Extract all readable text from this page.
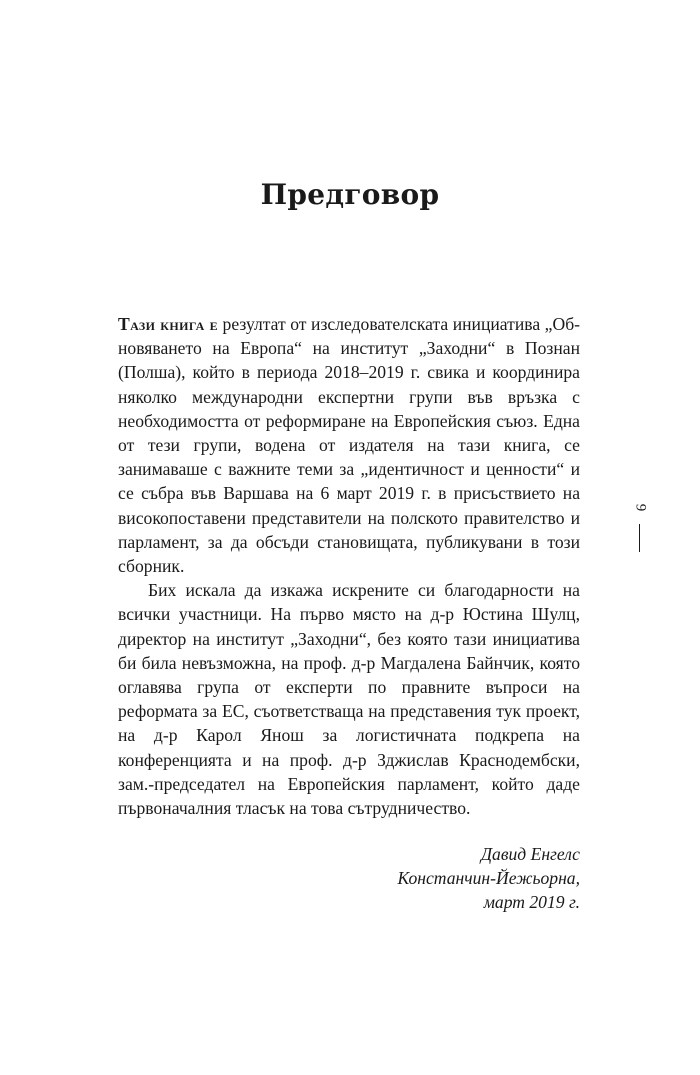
Предговор

Тази книга е резултат от изследователската инициатива „Обновяването на Европа“ на институт „Заходни“ в Познан (Полша), който в периода 2018–2019 г. свика и координира няколко международни експертни групи във връзка с необходимостта от реформиране на Европейския съюз. Една от тези групи, водена от издателя на тази книга, се занимаваше с важните теми за „идентичност и ценности“ и се събра във Варшава на 6 март 2019 г. в присъствието на високопоставени представители на полското правителство и парламент, за да обсъди становищата, публикувани в този сборник.

Бих искала да изкажа искрените си благодарности на всички участници. На първо място на д-р Юстина Шулц, директор на институт „Заходни“, без която тази инициатива би била невъзможна, на проф. д-р Магдалена Байнчик, която оглавява група от експерти по правните въпроси на реформата за ЕС, съответстваща на представения тук проект, на д-р Карол Янош за логистичната подкрепа на конференцията и на проф. д-р Зджислав Краснодембски, зам.-председател на Европейския парламент, който даде първоначалния тласък на това сътрудничество.

Давид Енгелс
Констанчин-Йежьорна,
март 2019 г.
9
